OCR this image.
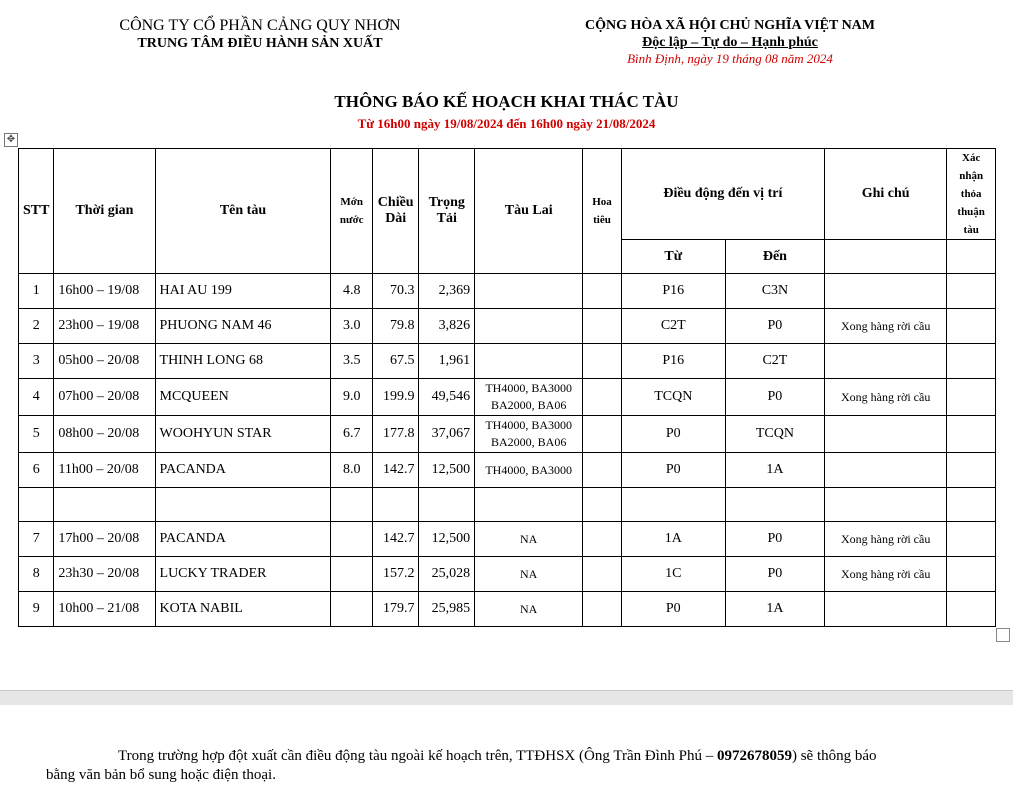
CÔNG TY CỔ PHẦN CẢNG QUY NHƠN
TRUNG TÂM ĐIỀU HÀNH SẢN XUẤT
CỘNG HÒA XÃ HỘI CHỦ NGHĨA VIỆT NAM
Độc lập – Tự do – Hạnh phúc
Bình Định, ngày 19 tháng 08 năm 2024
THÔNG BÁO KẾ HOẠCH KHAI THÁC TÀU
Từ 16h00 ngày 19/08/2024 đến 16h00 ngày 21/08/2024
✥
STT	Thời gian	Tên tàu	Mớn nước	Chiều Dài	Trọng Tải	Tàu Lai	Hoa tiêu	Điều động đến vị trí		Ghi chú	Xác nhận thỏa thuận tàu
								Từ	Đến		
1	16h00 – 19/08	HAI AU 199	4.8	70.3	2,369			P16	C3N		
2	23h00 – 19/08	PHUONG NAM 46	3.0	79.8	3,826			C2T	P0	Xong hàng rời cầu	
3	05h00 – 20/08	THINH LONG 68	3.5	67.5	1,961			P16	C2T		
4	07h00 – 20/08	MCQUEEN	9.0	199.9	49,546	TH4000, BA3000 BA2000, BA06		TCQN	P0	Xong hàng rời cầu	
5	08h00 – 20/08	WOOHYUN STAR	6.7	177.8	37,067	TH4000, BA3000 BA2000, BA06		P0	TCQN		
6	11h00 – 20/08	PACANDA	8.0	142.7	12,500	TH4000, BA3000		P0	1A		

7	17h00 – 20/08	PACANDA		142.7	12,500	NA		1A	P0	Xong hàng rời cầu	
8	23h30 – 20/08	LUCKY TRADER		157.2	25,028	NA		1C	P0	Xong hàng rời cầu	
9	10h00 – 21/08	KOTA NABIL		179.7	25,985	NA		P0	1A		
Trong trường hợp đột xuất cần điều động tàu ngoài kế hoạch trên, TTĐHSX (Ông Trần Đình Phú – 0972678059) sẽ thông báo
bằng văn bản bổ sung hoặc điện thoại.
